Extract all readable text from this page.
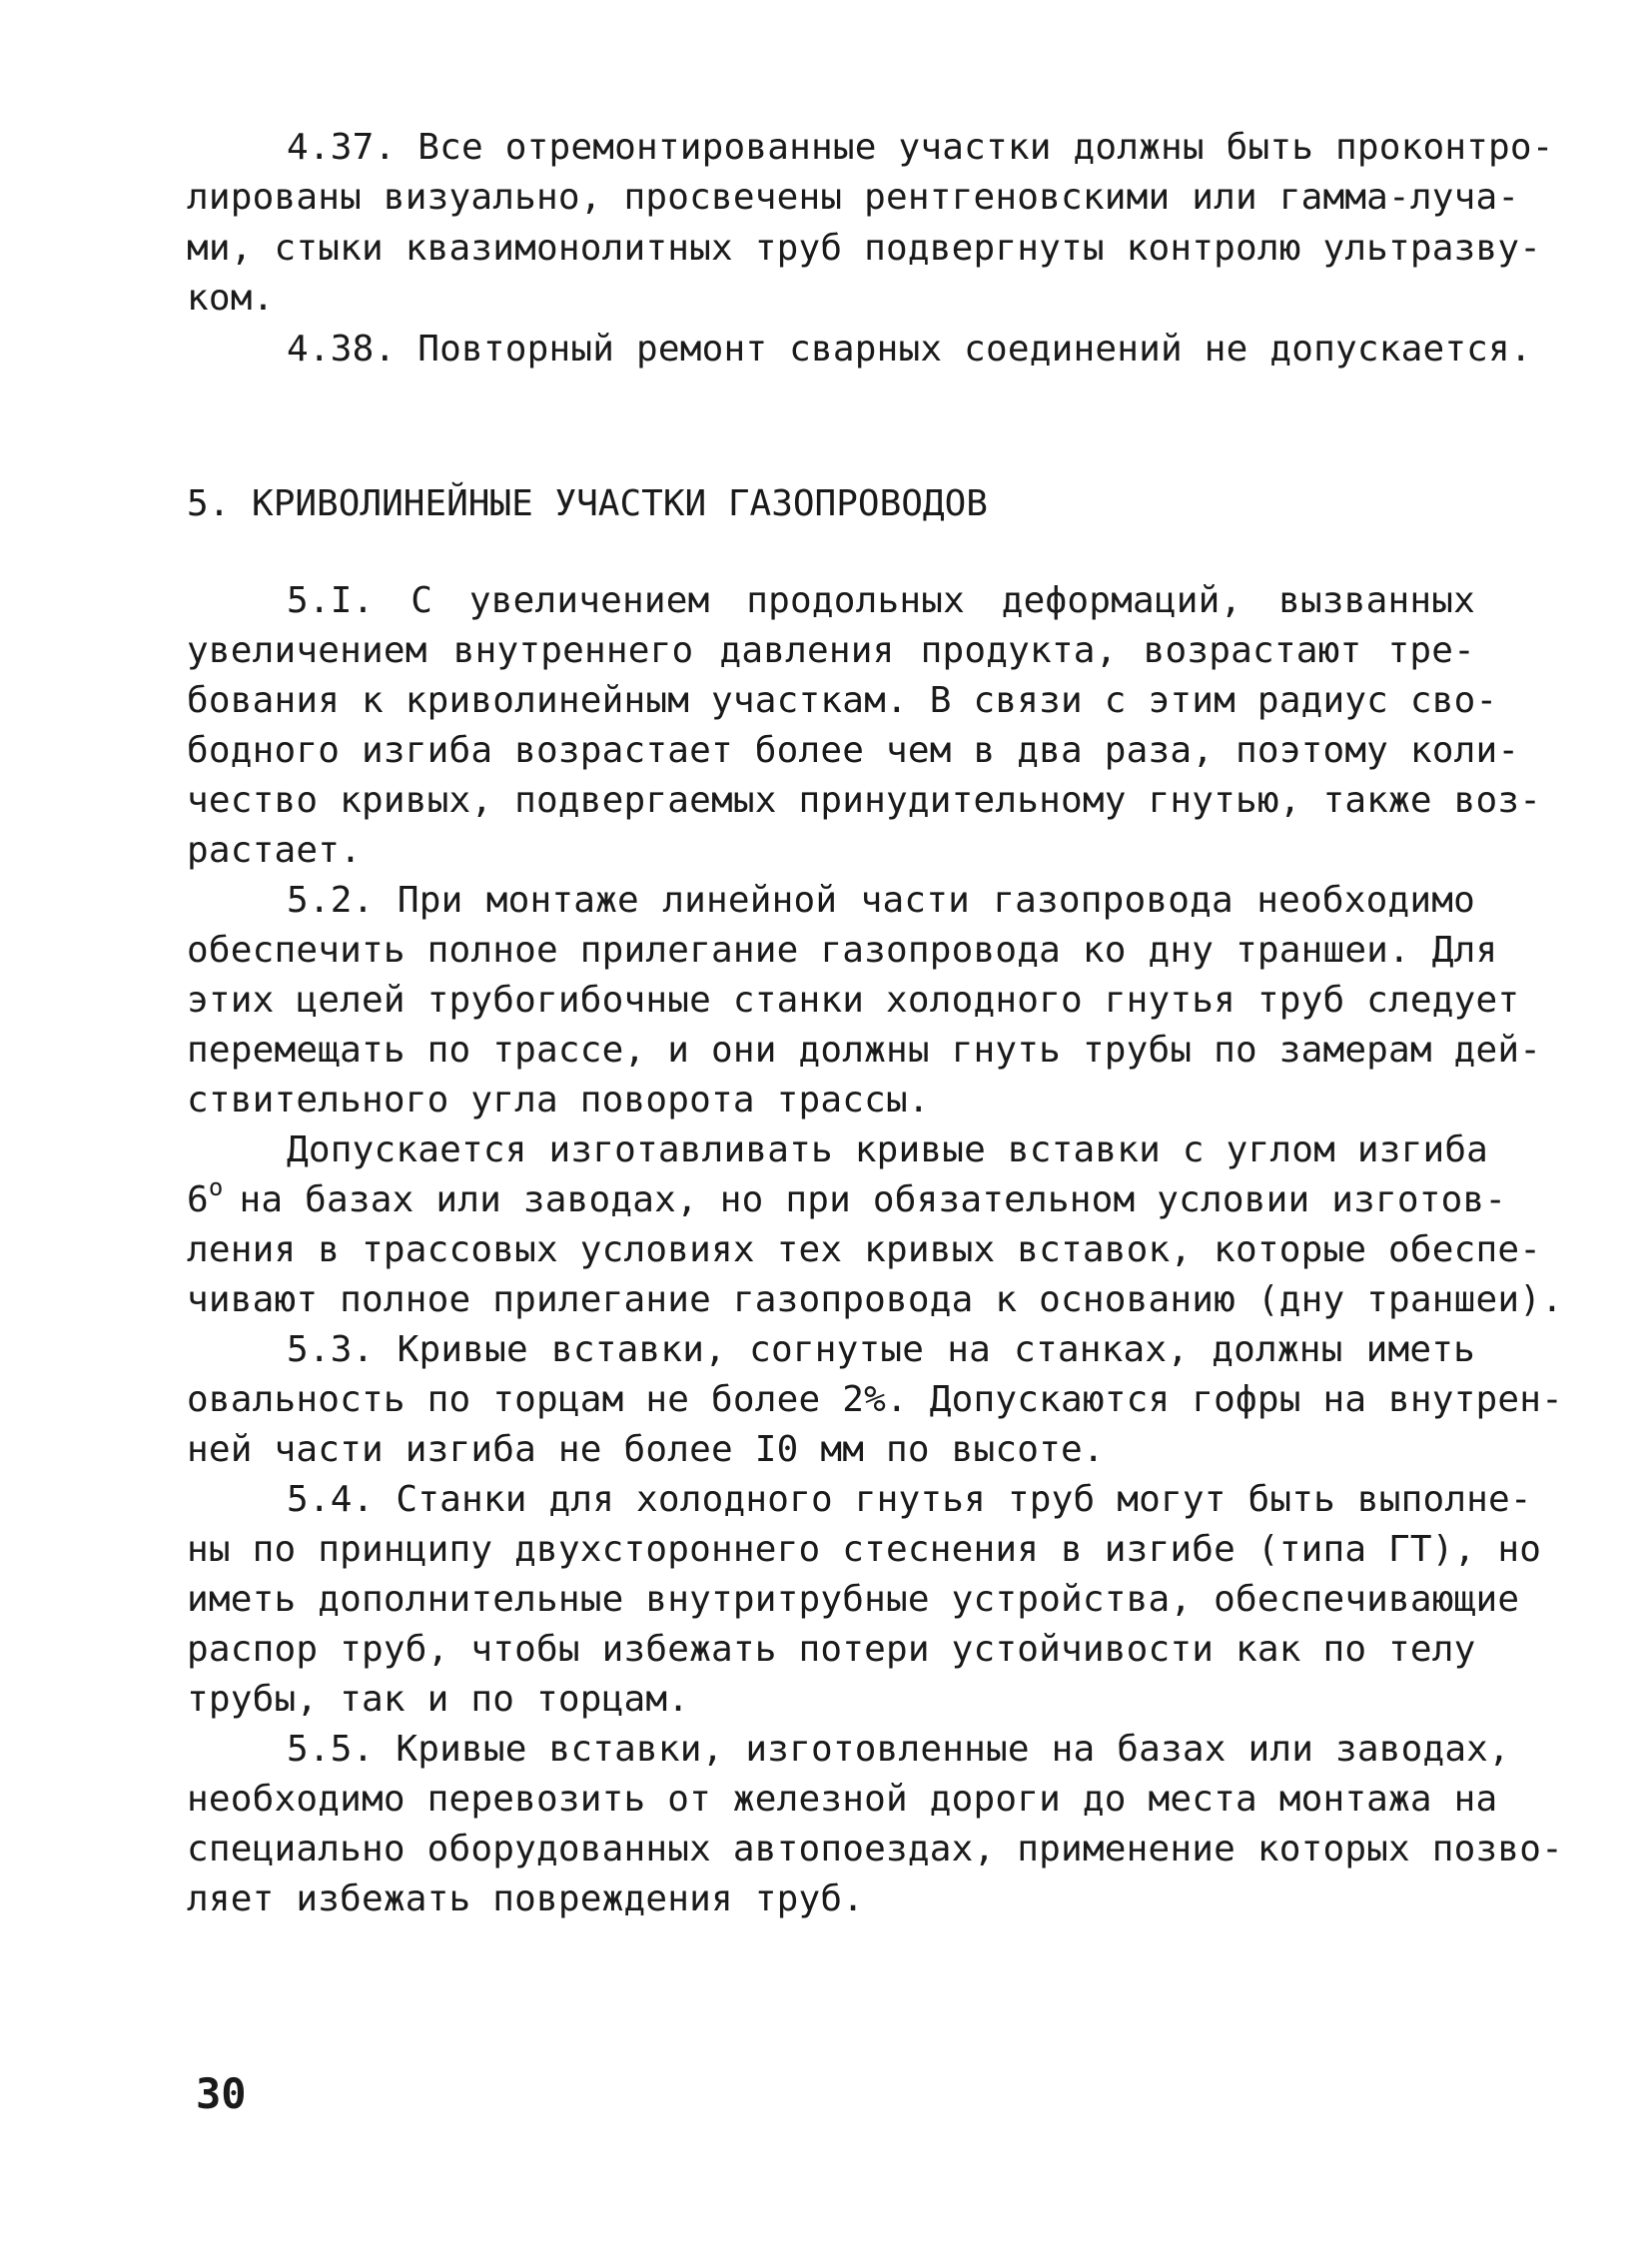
4.37. Все отремонтированные участки должны быть проконтро-
лированы визуально, просвечены рентгеновскими или гамма-луча-
ми, стыки квазимонолитных труб подвергнуты контролю ультразву-
ком.
4.38. Повторный ремонт сварных соединений не допускается.
5. КРИВОЛИНЕЙНЫЕ УЧАСТКИ ГАЗОПРОВОДОВ
5.I. С увеличением продольных деформаций, вызванных
увеличением внутреннего давления продукта, возрастают тре-
бования к криволинейным участкам. В связи с этим радиус сво-
бодного изгиба возрастает более чем в два раза, поэтому коли-
чество кривых, подвергаемых принудительному гнутью, также воз-
растает.
5.2. При монтаже линейной части газопровода необходимо
обеспечить полное прилегание газопровода ко дну траншеи. Для
этих целей трубогибочные станки холодного гнутья труб следует
перемещать по трассе, и они должны гнуть трубы по замерам дей-
ствительного угла поворота трассы.
Допускается изготавливать кривые вставки с углом изгиба
6 о на базах или заводах, но при обязательном условии изготов-
ления в трассовых условиях тех кривых вставок, которые обеспе-
чивают полное прилегание газопровода к основанию (дну траншеи).
5.3. Кривые вставки, согнутые на станках, должны иметь
овальность по торцам не более 2%. Допускаются гофры на внутрен-
ней части изгиба не более I0 мм по высоте.
5.4. Станки для холодного гнутья труб могут быть выполне-
ны по принципу двухстороннего стеснения в изгибе (типа ГТ), но
иметь дополнительные внутритрубные устройства, обеспечивающие
распор труб, чтобы избежать потери устойчивости как по телу
трубы, так и по торцам.
5.5. Кривые вставки, изготовленные на базах или заводах,
необходимо перевозить от железной дороги до места монтажа на
специально оборудованных автопоездах, применение которых позво-
ляет избежать повреждения труб.
30
